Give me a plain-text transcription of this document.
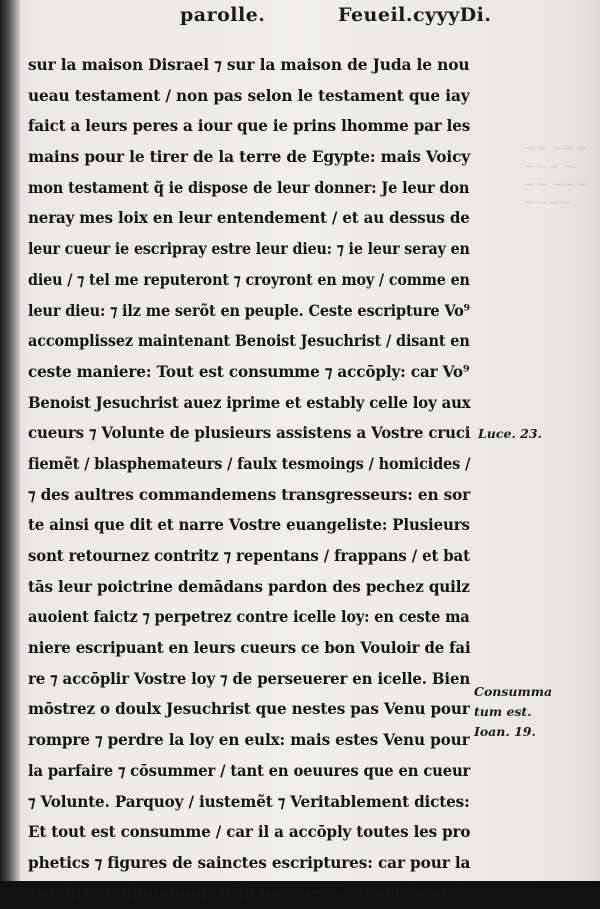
~~ ~~~
~~~ ~
~~ ~~~
~~~~
parolle.	Feueil.cyyyDi.
sur la maison Disrael ⁊ sur la maison de Juda le nou
ueau testament / non pas selon le testament que iay
faict a leurs peres a iour que ie prins lhomme par les
mains pour le tirer de la terre de Egypte: mais Voicy
mon testament q̃ ie dispose de leur donner: Je leur don
neray mes loix en leur entendement / et au dessus de
leur cueur ie escripray estre leur dieu: ⁊ ie leur seray en
dieu / ⁊ tel me reputeront ⁊ croyront en moy / comme en
leur dieu: ⁊ ilz me serõt en peuple. Ceste escripture Vo⁹
accomplissez maintenant Benoist Jesuchrist / disant en
ceste maniere: Tout est consumme ⁊ accōply: car Vo⁹
Benoist Jesuchrist auez iprime et estably celle loy aux
cueurs ⁊ Volunte de plusieurs assistens a Vostre cruci
fiemẽt / blasphemateurs / faulx tesmoings / homicides /
⁊ des aultres commandemens transgresseurs: en sor
te ainsi que dit et narre Vostre euangeliste: Plusieurs
sont retournez contritz ⁊ repentans / frappans / et bat
tās leur poictrine demādans pardon des pechez quilz
auoient faictz ⁊ perpetrez contre icelle loy: en ceste ma
niere escripuant en leurs cueurs ce bon Vouloir de fai
re ⁊ accōplir Vostre loy ⁊ de perseuerer en icelle. Bien
mōstrez o doulx Jesuchrist que nestes pas Venu pour
rompre ⁊ perdre la loy en eulx: mais estes Venu pour
la parfaire ⁊ cōsummer / tant en oeuures que en cueur
⁊ Volunte. Parquoy / iustemẽt ⁊ Veritablement dictes:
Et tout est consumme / car il a accōply toutes les pro
phetics ⁊ figures de sainctes escriptures: car pour la
Vendition iniquement traictee par son disciple et fa
Luce. 23.
Consumma
tum est.
Ioan. 19.
